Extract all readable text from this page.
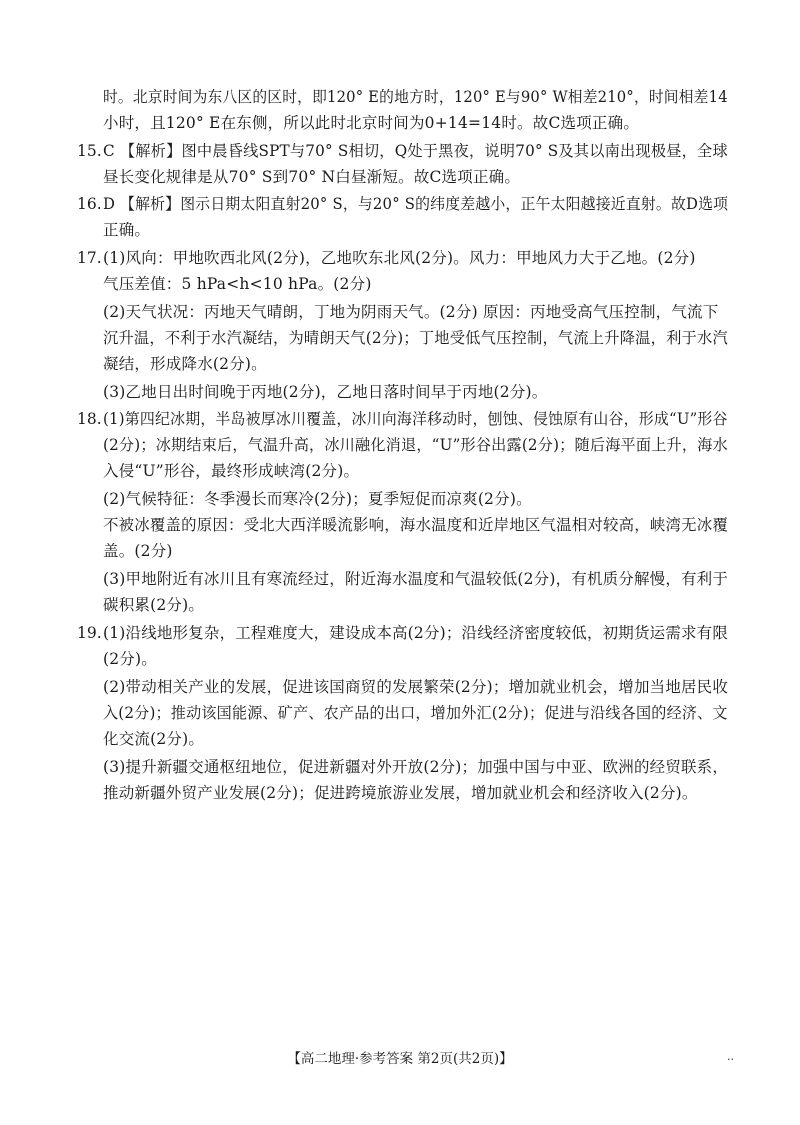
时。北京时间为东八区的区时，即120° E的地方时，120° E与90° W相差210°，时间相差14
小时，且120° E在东侧，所以此时北京时间为0+14=14时。故C选项正确。
15. C 【解析】图中晨昏线SPT与70° S相切，Q处于黑夜，说明70° S及其以南出现极昼，全球
昼长变化规律是从70° S到70° N白昼渐短。故C选项正确。
16. D 【解析】图示日期太阳直射20° S，与20° S的纬度差越小，正午太阳越接近直射。故D选项
正确。
17. (1)风向：甲地吹西北风(2分)，乙地吹东北风(2分)。风力：甲地风力大于乙地。(2分)
气压差值：5 hPa<h<10 hPa。(2分)
(2)天气状况：丙地天气晴朗，丁地为阴雨天气。(2分) 原因：丙地受高气压控制，气流下
沉升温，不利于水汽凝结，为晴朗天气(2分)；丁地受低气压控制，气流上升降温，利于水汽
凝结，形成降水(2分)。
(3)乙地日出时间晚于丙地(2分)，乙地日落时间早于丙地(2分)。
18. (1)第四纪冰期，半岛被厚冰川覆盖，冰川向海洋移动时，刨蚀、侵蚀原有山谷，形成“U”形谷
(2分)；冰期结束后，气温升高，冰川融化消退，“U”形谷出露(2分)；随后海平面上升，海水
入侵“U”形谷，最终形成峡湾(2分)。
(2)气候特征：冬季漫长而寒冷(2分)；夏季短促而凉爽(2分)。
不被冰覆盖的原因：受北大西洋暖流影响，海水温度和近岸地区气温相对较高，峡湾无冰覆
盖。(2分)
(3)甲地附近有冰川且有寒流经过，附近海水温度和气温较低(2分)，有机质分解慢，有利于
碳积累(2分)。
19. (1)沿线地形复杂，工程难度大，建设成本高(2分)；沿线经济密度较低，初期货运需求有限
(2分)。
(2)带动相关产业的发展，促进该国商贸的发展繁荣(2分)；增加就业机会，增加当地居民收
入(2分)；推动该国能源、矿产、农产品的出口，增加外汇(2分)；促进与沿线各国的经济、文
化交流(2分)。
(3)提升新疆交通枢纽地位，促进新疆对外开放(2分)；加强中国与中亚、欧洲的经贸联系，
推动新疆外贸产业发展(2分)；促进跨境旅游业发展，增加就业机会和经济收入(2分)。
【高二地理·参考答案 第2页(共2页)】	··
